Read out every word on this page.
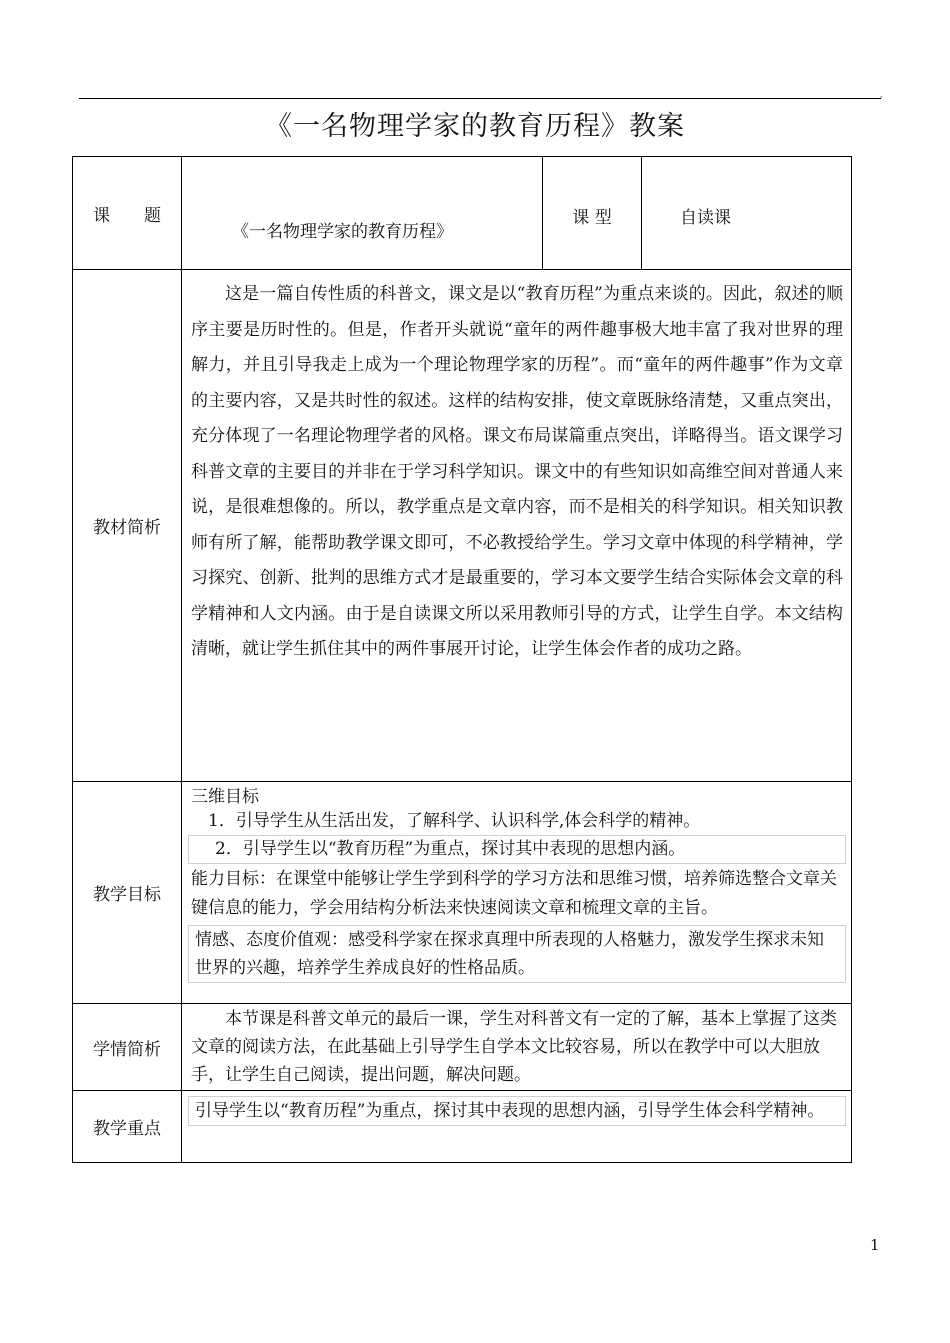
'
《一名物理学家的教育历程》教案
课　　题	《一名物理学家的教育历程》	课 型	自读课

教材简析	这是一篇自传性质的科普文，课文是以“教育历程”为重点来谈的。因此，叙述的顺序主要是历时性的。但是，作者开头就说“童年的两件趣事极大地丰富了我对世界的理解力，并且引导我走上成为一个理论物理学家的历程”。而“童年的两件趣事”作为文章的主要内容，又是共时性的叙述。这样的结构安排，使文章既脉络清楚，又重点突出，充分体现了一名理论物理学者的风格。课文布局谋篇重点突出，详略得当。语文课学习科普文章的主要目的并非在于学习科学知识。课文中的有些知识如高维空间对普通人来说，是很难想像的。所以，教学重点是文章内容，而不是相关的科学知识。相关知识教师有所了解，能帮助教学课文即可，不必教授给学生。学习文章中体现的科学精神，学习探究、创新、批判的思维方式才是最重要的，学习本文要学生结合实际体会文章的科学精神和人文内涵。由于是自读课文所以采用教师引导的方式，让学生自学。本文结构清晰，就让学生抓住其中的两件事展开讨论，让学生体会作者的成功之路。		

教学目标	三维目标
1．引导学生从生活出发，了解科学、认识科学,体会科学的精神。
2．引导学生以“教育历程”为重点，探讨其中表现的思想内涵。
能力目标：在课堂中能够让学生学到科学的学习方法和思维习惯，培养筛选整合文章关键信息的能力，学会用结构分析法来快速阅读文章和梳理文章的主旨。
情感、态度价值观：感受科学家在探求真理中所表现的人格魅力，激发学生探求未知世界的兴趣，培养学生养成良好的性格品质。		

学情简析	本节课是科普文单元的最后一课，学生对科普文有一定的了解，基本上掌握了这类文章的阅读方法，在此基础上引导学生自学本文比较容易，所以在教学中可以大胆放手，让学生自己阅读，提出问题，解决问题。		

教学重点	引导学生以“教育历程”为重点，探讨其中表现的思想内涵，引导学生体会科学精神。		
1
